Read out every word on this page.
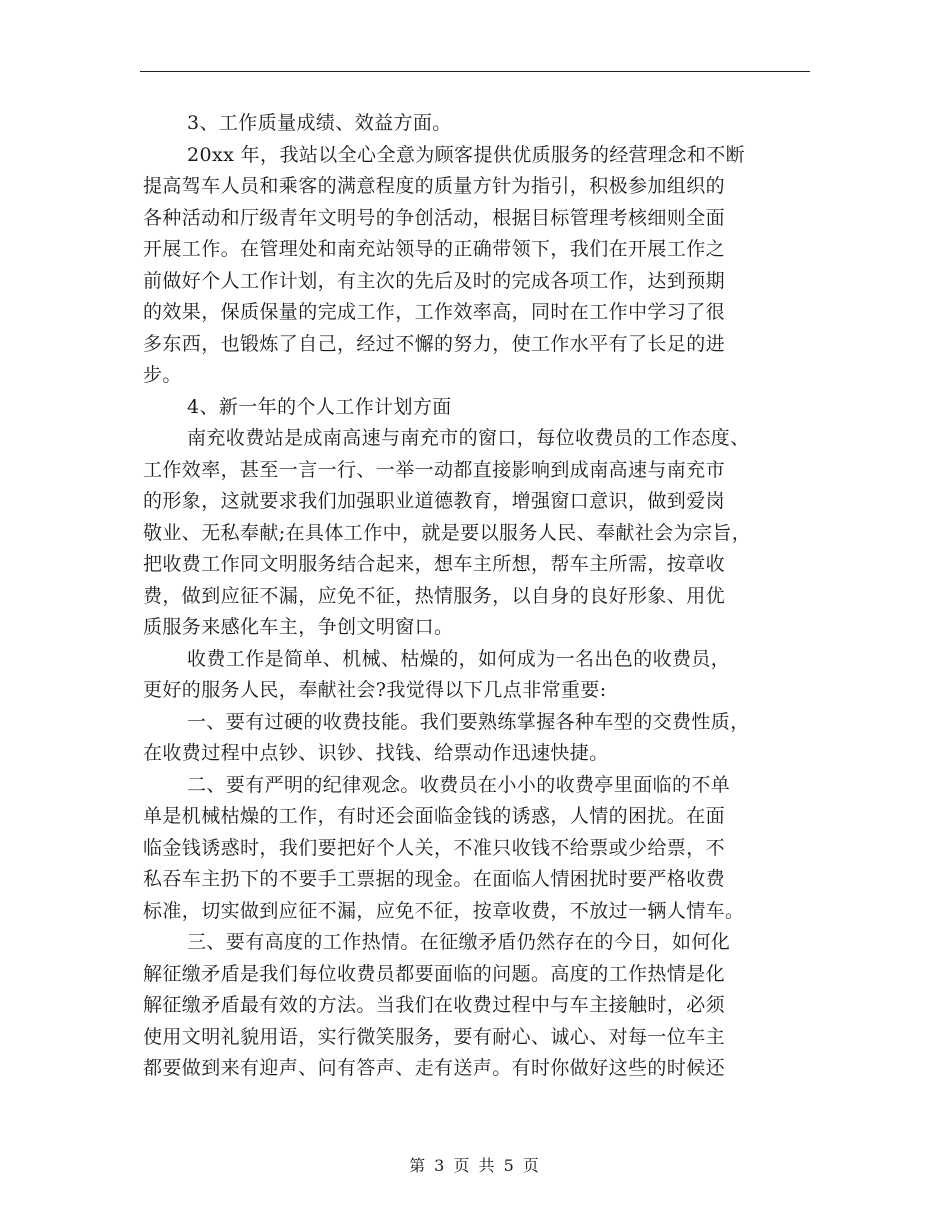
3、工作质量成绩、效益方面。
20xx 年，我站以全心全意为顾客提供优质服务的经营理念和不断
提高驾车人员和乘客的满意程度的质量方针为指引，积极参加组织的
各种活动和厅级青年文明号的争创活动，根据目标管理考核细则全面
开展工作。在管理处和南充站领导的正确带领下，我们在开展工作之
前做好个人工作计划，有主次的先后及时的完成各项工作，达到预期
的效果，保质保量的完成工作，工作效率高，同时在工作中学习了很
多东西，也锻炼了自己，经过不懈的努力，使工作水平有了长足的进
步。
4、新一年的个人工作计划方面
南充收费站是成南高速与南充市的窗口，每位收费员的工作态度、
工作效率，甚至一言一行、一举一动都直接影响到成南高速与南充市
的形象，这就要求我们加强职业道德教育，增强窗口意识，做到爱岗
敬业、无私奉献;在具体工作中，就是要以服务人民、奉献社会为宗旨，
把收费工作同文明服务结合起来，想车主所想，帮车主所需，按章收
费，做到应征不漏，应免不征，热情服务，以自身的良好形象、用优
质服务来感化车主，争创文明窗口。
收费工作是简单、机械、枯燥的，如何成为一名出色的收费员，
更好的服务人民，奉献社会?我觉得以下几点非常重要:
一、要有过硬的收费技能。我们要熟练掌握各种车型的交费性质，
在收费过程中点钞、识钞、找钱、给票动作迅速快捷。
二、要有严明的纪律观念。收费员在小小的收费亭里面临的不单
单是机械枯燥的工作，有时还会面临金钱的诱惑，人情的困扰。在面
临金钱诱惑时，我们要把好个人关，不准只收钱不给票或少给票，不
私吞车主扔下的不要手工票据的现金。在面临人情困扰时要严格收费
标准，切实做到应征不漏，应免不征，按章收费，不放过一辆人情车。
三、要有高度的工作热情。在征缴矛盾仍然存在的今日，如何化
解征缴矛盾是我们每位收费员都要面临的问题。高度的工作热情是化
解征缴矛盾最有效的方法。当我们在收费过程中与车主接触时，必须
使用文明礼貌用语，实行微笑服务，要有耐心、诚心、对每一位车主
都要做到来有迎声、问有答声、走有送声。有时你做好这些的时候还
第 3 页 共 5 页
